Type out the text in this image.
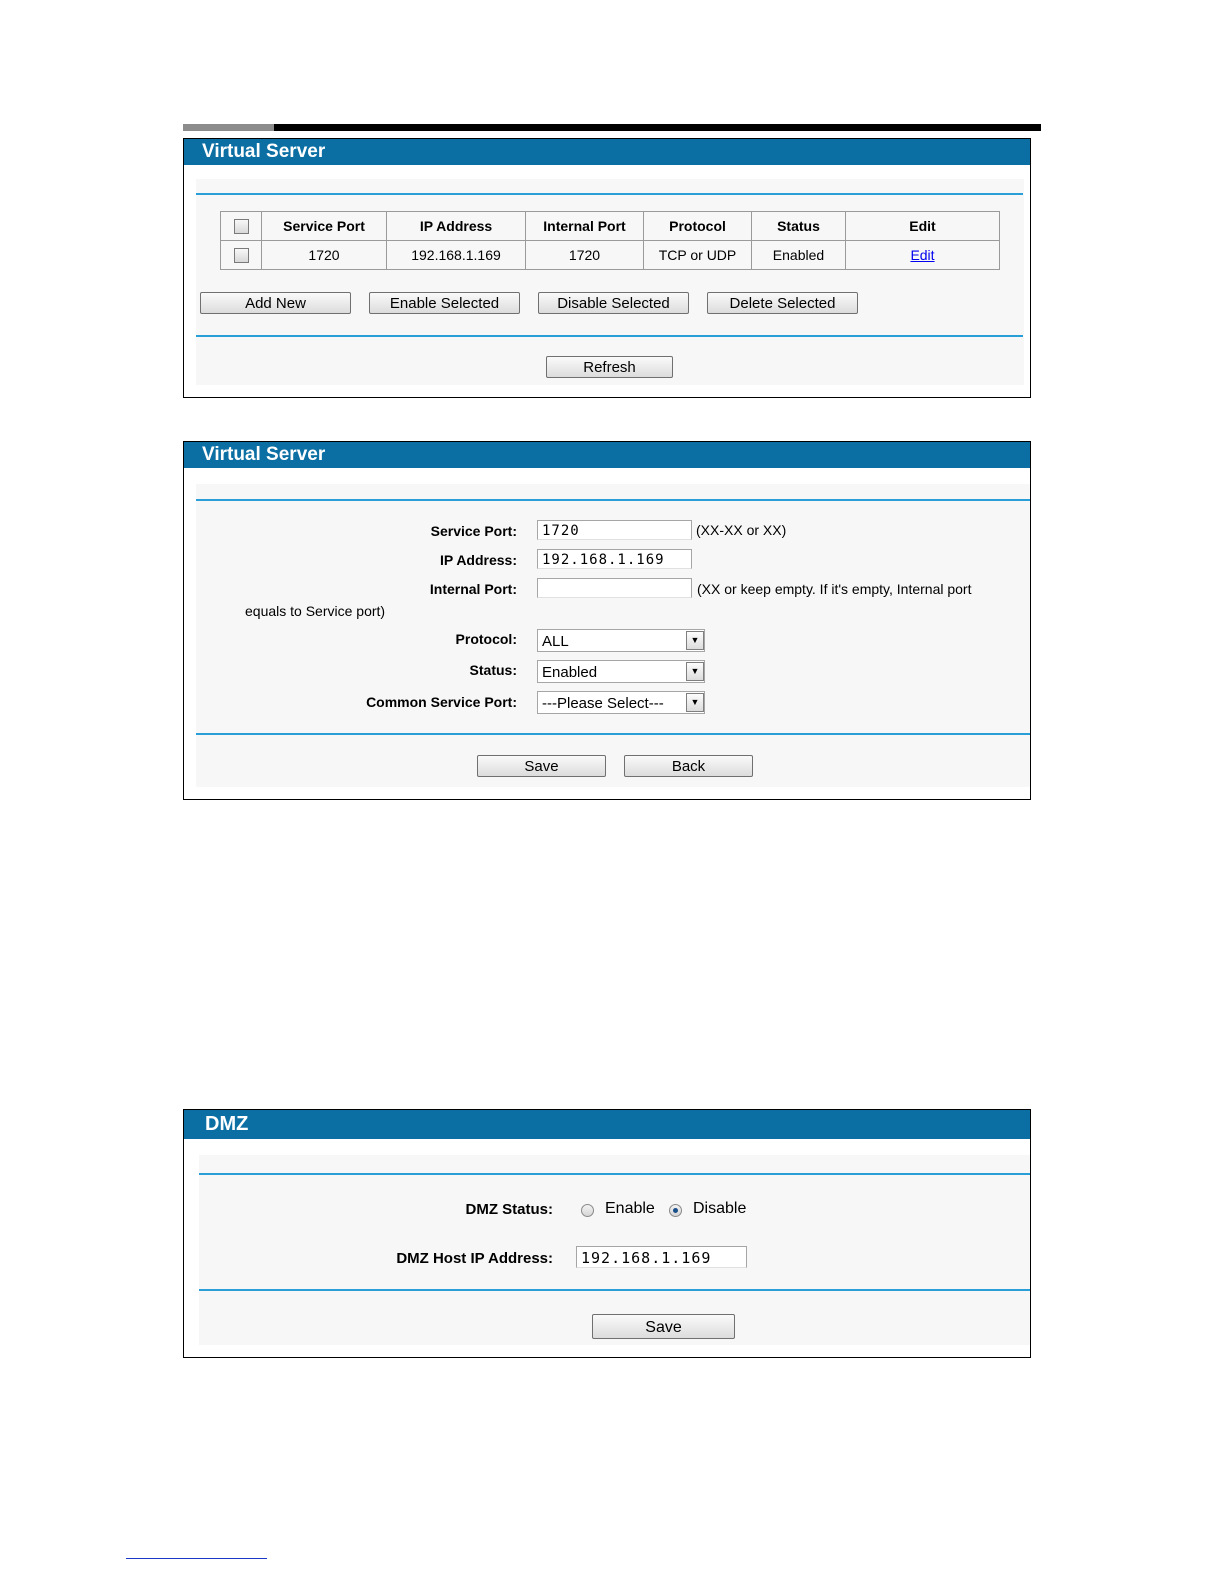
Virtual Server
	Service Port	IP Address	Internal Port	Protocol	Status	Edit
	1720	192.168.1.169	1720	TCP or UDP	Enabled	Edit
Add New	Enable Selected	Disable Selected	Delete Selected
Refresh
Virtual Server
Service Port:	1720	(XX-XX or XX)
IP Address:	192.168.1.169
Internal Port:	(XX or keep empty. If it's empty, Internal port
equals to Service port)
Protocol:	ALL	▼
Status:	Enabled	▼
Common Service Port:	---Please Select---	▼
Save	Back
DMZ
DMZ Status:	Enable Disable
DMZ Host IP Address:	192.168.1.169
Save
